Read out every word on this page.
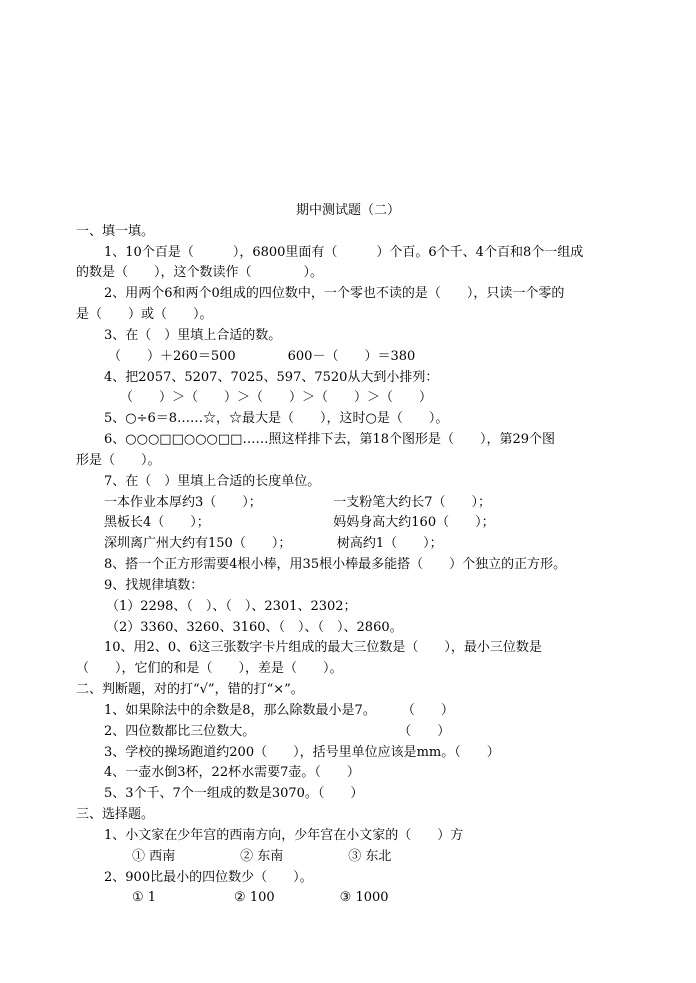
期中测试题（二）
一、填一填。
1、10个百是（　　　），6800里面有（　　　）个百。6个千、4个百和8个一组成
的数是（　　），这个数读作（　　　　）。
2、用两个6和两个0组成的四位数中，一个零也不读的是（　　），只读一个零的
是（　　）或（　　）。
3、在（　）里填上合适的数。
（　　）＋260＝500　　　　600－（　　）＝380
4、把2057、5207、7025、597、7520从大到小排列：
（　　）＞（　　）＞（　　）＞（　　）＞（　　）
5、○÷6＝8……☆，☆最大是（　　），这时○是（　　）。
6、○○○□□○○○□□……照这样排下去，第18个图形是（　　），第29个图
形是（　　）。
7、在（　）里填上合适的长度单位。
一本作业本厚约3（　　）；　　　　　　一支粉笔大约长7（　　）；
黑板长4（　　）；　　　　　　　　　　妈妈身高大约160（　　）；
深圳离广州大约有150（　　）；　　　　树高约1（　　）；
8、搭一个正方形需要4根小棒，用35根小棒最多能搭（　　）个独立的正方形。
9、找规律填数：
（1）2298、（　）、（　）、2301、2302；
（2）3360、3260、3160、（　）、（　）、2860。
10、用2、0、6这三张数字卡片组成的最大三位数是（　　），最小三位数是
（　　），它们的和是（　　），差是（　　）。
二、判断题，对的打“√”，错的打“×”。
1、如果除法中的余数是8，那么除数最小是7。　　　（　　）
2、四位数都比三位数大。　　　　　　　　　　　　（　　）
3、学校的操场跑道约200（　　），括号里单位应该是mm。（　　）
4、一壶水倒3杯，22杯水需要7壶。（　　）
5、3个千、7个一组成的数是3070。（　　）
三、选择题。
1、小文家在少年宫的西南方向，少年宫在小文家的（　　）方
① 西南　　　　　② 东南　　　　　③ 东北
2、900比最小的四位数少（　　）。
① 1　　　　　　② 100　　　　　③ 1000
